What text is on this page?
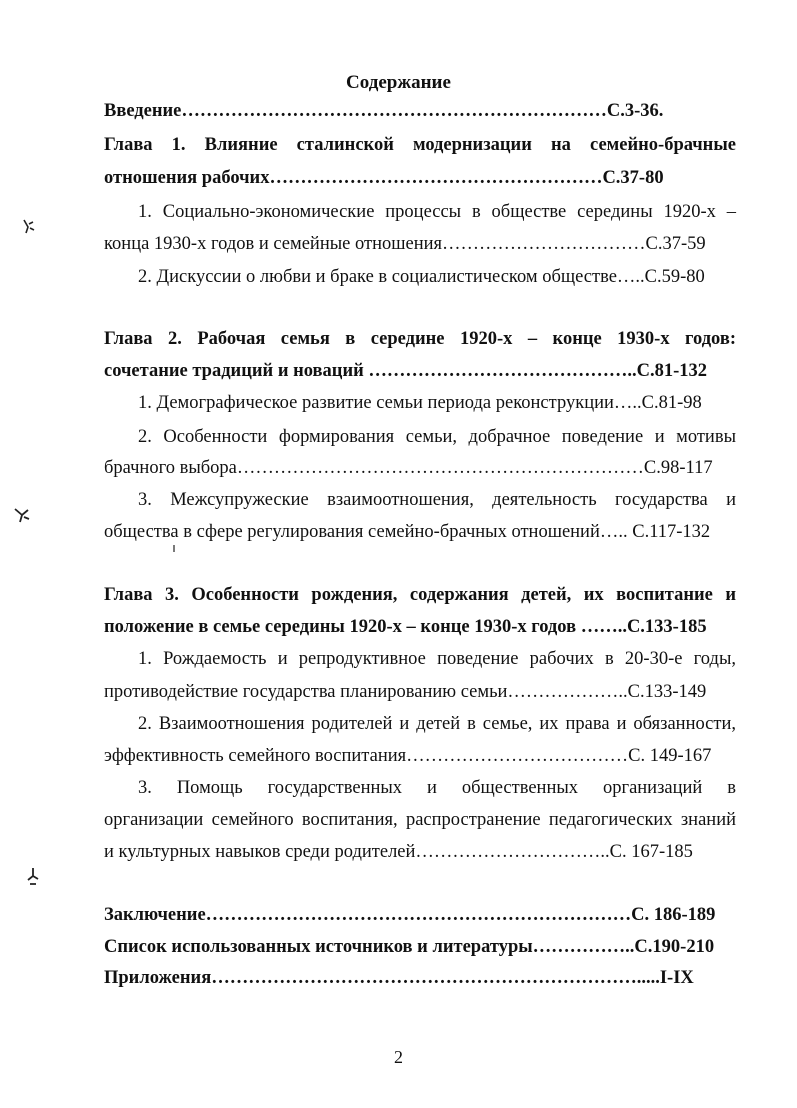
Содержание
Введение……………………………………………………………С.3-36.
Глава 1. Влияние сталинской модернизации на семейно-брачные
отношения рабочих………………………………………………С.37-80
1. Социально-экономические процессы в обществе середины 1920-х –
конца 1930-х годов и семейные отношения……………………………С.37-59
2. Дискуссии о любви и браке в социалистическом обществе…..С.59-80
Глава 2. Рабочая семья в середине 1920-х – конце 1930-х годов:
сочетание традиций и новаций ……………………………………..С.81-132
1. Демографическое развитие семьи периода реконструкции…..С.81-98
2. Особенности формирования семьи, добрачное поведение и мотивы
брачного выбора…………………………………………………………С.98-117
3. Межсупружеские взаимоотношения, деятельность государства и
общества в сфере регулирования семейно-брачных отношений….. С.117-132
Глава 3. Особенности рождения, содержания детей, их воспитание и
положение в семье середины 1920-х – конце 1930-х годов ……..С.133-185
1. Рождаемость и репродуктивное поведение рабочих в 20-30-е годы,
противодействие государства планированию семьи………………..С.133-149
2. Взаимоотношения родителей и детей в семье, их права и обязанности,
эффективность семейного воспитания………………………………С. 149-167
3. Помощь государственных и общественных организаций в
организации семейного воспитания, распространение педагогических знаний
и культурных навыков среди родителей…………………………..С. 167-185
Заключение……………………………………………………………С. 186-189
Список использованных источников и литературы……………..С.190-210
Приложения…………………………………………………………….....I-IX
2
